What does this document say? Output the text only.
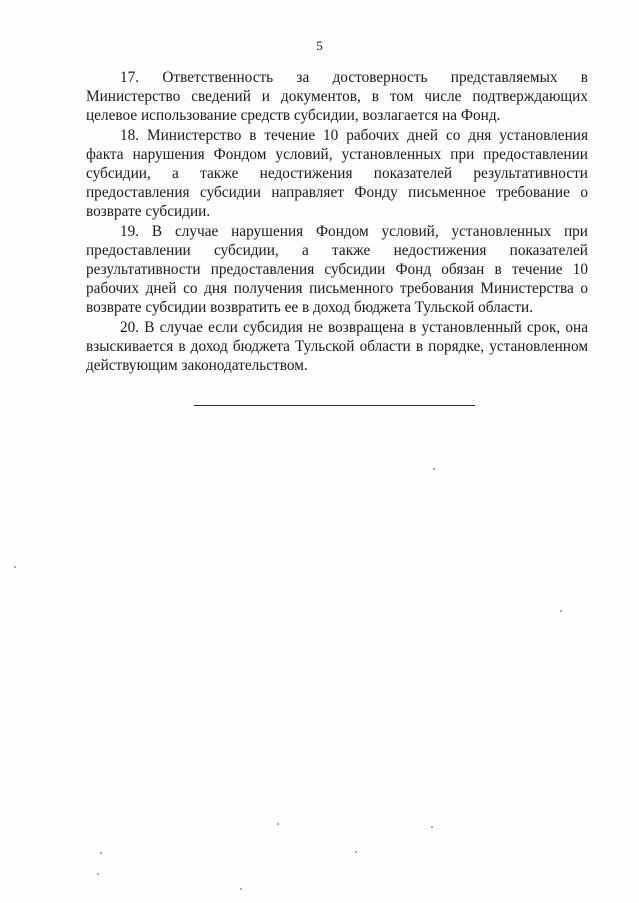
5

17. Ответственность за достоверность представляемых в Министерство сведений и документов, в том числе подтверждающих целевое использование средств субсидии, возлагается на Фонд.

18. Министерство в течение 10 рабочих дней со дня установления факта нарушения Фондом условий, установленных при предоставлении субсидии, а также недостижения показателей результативности предоставления субсидии направляет Фонду письменное требование о возврате субсидии.

19. В случае нарушения Фондом условий, установленных при предоставлении субсидии, а также недостижения показателей результативности предоставления субсидии Фонд обязан в течение 10 рабочих дней со дня получения письменного требования Министерства о возврате субсидии возвратить ее в доход бюджета Тульской области.

20. В случае если субсидия не возвращена в установленный срок, она взыскивается в доход бюджета Тульской области в порядке, установленном действующим законодательством.
